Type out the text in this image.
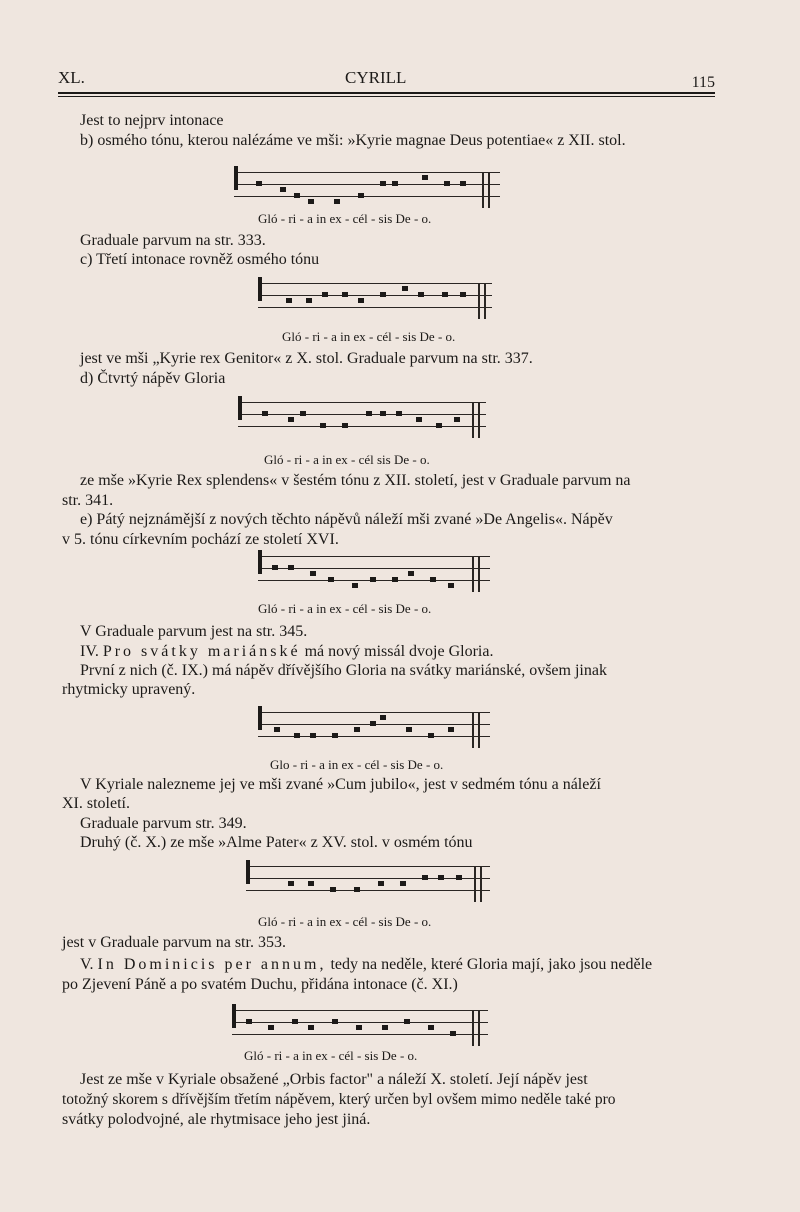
XL.	CYRILL	115
Jest to nejprv intonace
b) osmého tónu, kterou nalézáme ve mši: »Kyrie magnae Deus potentiae« z XII. stol.
Gló - ri - a in ex - cél - sis De - o.
Graduale parvum na str. 333.
c) Třetí intonace rovněž osmého tónu
Gló - ri - a in ex - cél - sis De - o.
jest ve mši „Kyrie rex Genitor« z X. stol. Graduale parvum na str. 337.
d) Čtvrtý nápěv Gloria
Gló - ri - a in ex - cél sis De - o.
ze mše »Kyrie Rex splendens« v šestém tónu z XII. století, jest v Graduale parvum na
str. 341.
e) Pátý nejznámější z nových těchto nápěvů náleží mši zvané »De Angelis«. Nápěv
v 5. tónu církevním pochází ze století XVI.
Gló - ri - a in ex - cél - sis De - o.
V Graduale parvum jest na str. 345.
IV. Pro svátky mariánské má nový missál dvoje Gloria.
První z nich (č. IX.) má nápěv dřívějšího Gloria na svátky mariánské, ovšem jinak
rhytmicky upravený.
Glo - ri - a in ex - cél - sis De - o.
V Kyriale nalezneme jej ve mši zvané »Cum jubilo«, jest v sedmém tónu a náleží
XI. století.
Graduale parvum str. 349.
Druhý (č. X.) ze mše »Alme Pater« z XV. stol. v osmém tónu
Gló - ri - a in ex - cél - sis De - o.
jest v Graduale parvum na str. 353.
V. In Dominicis per annum, tedy na neděle, které Gloria mají, jako jsou neděle
po Zjevení Páně a po svatém Duchu, přidána intonace (č. XI.)
Gló - ri - a in ex - cél - sis De - o.
Jest ze mše v Kyriale obsažené „Orbis factor" a náleží X. století. Její nápěv jest
totožný skorem s dřívějším třetím nápěvem, který určen byl ovšem mimo neděle také pro
svátky polodvojné, ale rhytmisace jeho jest jiná.
